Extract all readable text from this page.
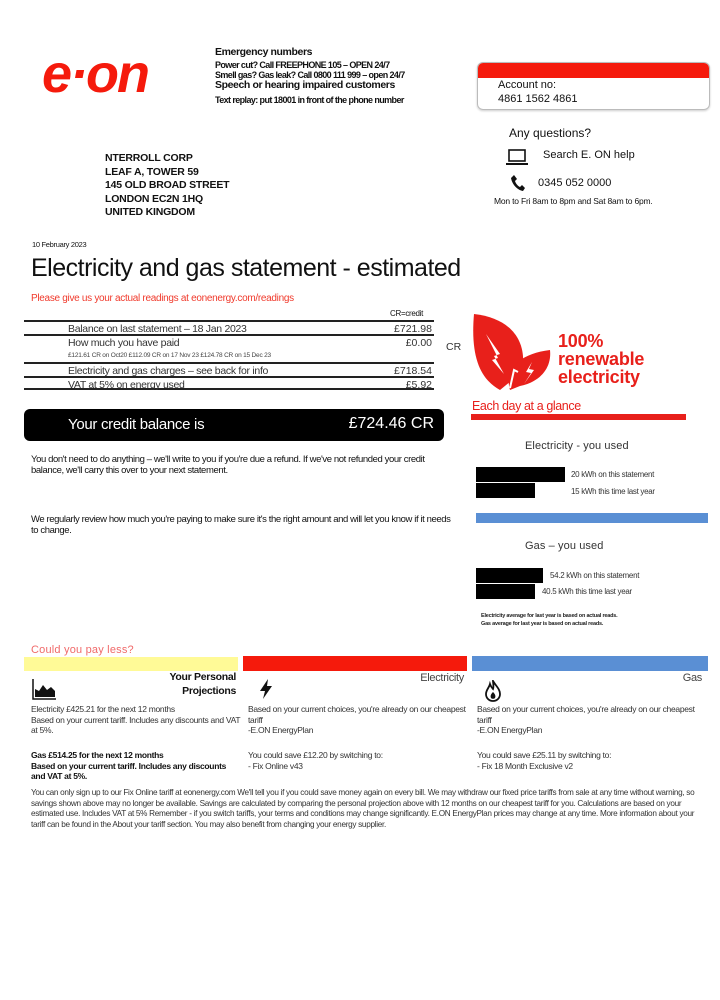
e·on	Emergency numbers
Power cut? Call FREEPHONE 105 – OPEN 24/7
Smell gas? Gas leak? Call 0800 111 999 – open 24/7
Speech or hearing impaired customers
Text replay: put 18001 in front of the phone number
Account no:
4861 1562 4861
Any questions?
Search E. ON help
0345 052 0000
Mon to Fri 8am to 8pm and Sat 8am to 6pm.
NTERROLL CORP
LEAF A, TOWER 59
145 OLD BROAD STREET
LONDON EC2N 1HQ
UNITED KINGDOM
10 February 2023
Electricity and gas statement - estimated
Please give us your actual readings at eonenergy.com/readings
CR=credit
Balance on last statement – 18 Jan 2023	£721.98
How much you have paid	£0.00
£121.61 CR on Oct20 £112.09 CR on 17 Nov 23 £124.78 CR on 15 Dec 23
Electricity and gas charges – see back for info	£718.54
VAT at 5% on energy used	£5.92
CR
Your credit balance is	£724.46 CR
You don't need to do anything – we'll write to you if you're due a refund. If we've not refunded your credit balance, we'll carry this over to your next statement.
We regularly review how much you're paying to make sure it's the right amount and will let you know if it needs to change.
100%
renewable
electricity
Each day at a glance
Electricity - you used
20 kWh on this statement
15 kWh this time last year
Gas – you used
54.2 kWh on this statement
40.5 kWh this time last year
Electricity average for last year is based on actual reads.
Gas average for last year is based on actual reads.
Could you pay less?
Your Personal
Projections
Electricity	Gas
Electricity £425.21 for the next 12 months
Based on your current tariff. Includes any discounts and VAT at 5%.
Gas £514.25 for the next 12 months
Based on your current tariff. Includes any discounts and VAT at 5%.
Based on your current choices, you're already on our cheapest tariff
-E.ON EnergyPlan
You could save £12.20 by switching to:
- Fix Online v43
Based on your current choices, you're already on our cheapest tariff
-E.ON EnergyPlan
You could save £25.11 by switching to:
- Fix 18 Month Exclusive v2
You can only sign up to our Fix Online tariff at eonenergy.com We'll tell you if you could save money again on every bill. We may withdraw our fixed price tariffs from sale at any time without warning, so savings shown above may no longer be available. Savings are calculated by comparing the personal projection above with 12 months on our cheapest tariff for you. Calculations are based on your estimated use. Includes VAT at 5% Remember - if you switch tariffs, your terms and conditions may change significantly. E.ON EnergyPlan prices may change at any time. More information about your tariff can be found in the About your tariff section. You may also benefit from changing your energy supplier.
